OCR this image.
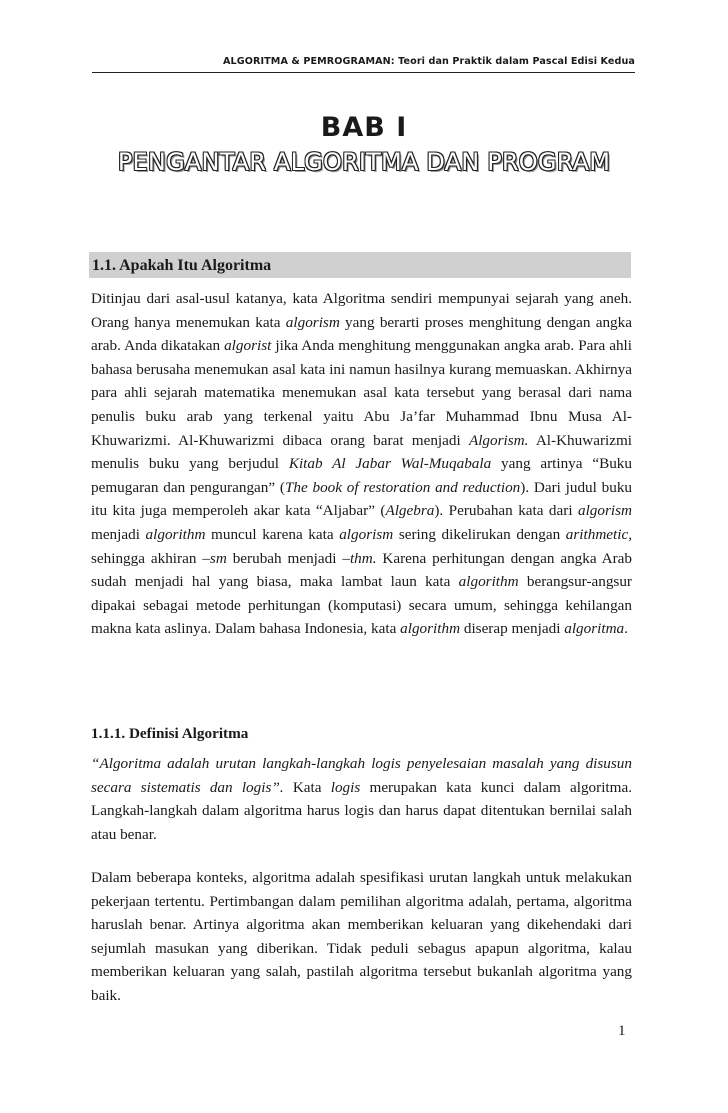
ALGORITMA & PEMROGRAMAN: Teori dan Praktik dalam Pascal Edisi Kedua
BAB I
PENGANTAR ALGORITMA DAN PROGRAM
1.1. Apakah Itu Algoritma

Ditinjau dari asal-usul katanya, kata Algoritma sendiri mempunyai sejarah yang aneh. Orang hanya menemukan kata algorism yang berarti proses menghitung dengan angka arab. Anda dikatakan algorist jika Anda menghitung menggunakan angka arab. Para ahli bahasa berusaha menemukan asal kata ini namun hasilnya kurang memuaskan. Akhirnya para ahli sejarah matematika menemukan asal kata tersebut yang berasal dari nama penulis buku arab yang terkenal yaitu Abu Ja’far Muhammad Ibnu Musa Al-Khuwarizmi. Al-Khuwarizmi dibaca orang barat menjadi Algorism. Al-Khuwarizmi menulis buku yang berjudul Kitab Al Jabar Wal-Muqabala yang artinya “Buku pemugaran dan pengurangan” (The book of restoration and reduction). Dari judul buku itu kita juga memperoleh akar kata “Aljabar” (Algebra). Perubahan kata dari algorism menjadi algorithm muncul karena kata algorism sering dikelirukan dengan arithmetic, sehingga akhiran –sm berubah menjadi –thm. Karena perhitungan dengan angka Arab sudah menjadi hal yang biasa, maka lambat laun kata algorithm berangsur-angsur dipakai sebagai metode perhitungan (komputasi) secara umum, sehingga kehilangan makna kata aslinya. Dalam bahasa Indonesia, kata algorithm diserap menjadi algoritma.

1.1.1. Definisi Algoritma

“Algoritma adalah urutan langkah-langkah logis penyelesaian masalah yang disusun secara sistematis dan logis”. Kata logis merupakan kata kunci dalam algoritma. Langkah-langkah dalam algoritma harus logis dan harus dapat ditentukan bernilai salah atau benar.

Dalam beberapa konteks, algoritma adalah spesifikasi urutan langkah untuk melakukan pekerjaan tertentu. Pertimbangan dalam pemilihan algoritma adalah, pertama, algoritma haruslah benar. Artinya algoritma akan memberikan keluaran yang dikehendaki dari sejumlah masukan yang diberikan. Tidak peduli sebagus apapun algoritma, kalau memberikan keluaran yang salah, pastilah algoritma tersebut bukanlah algoritma yang baik.

1
